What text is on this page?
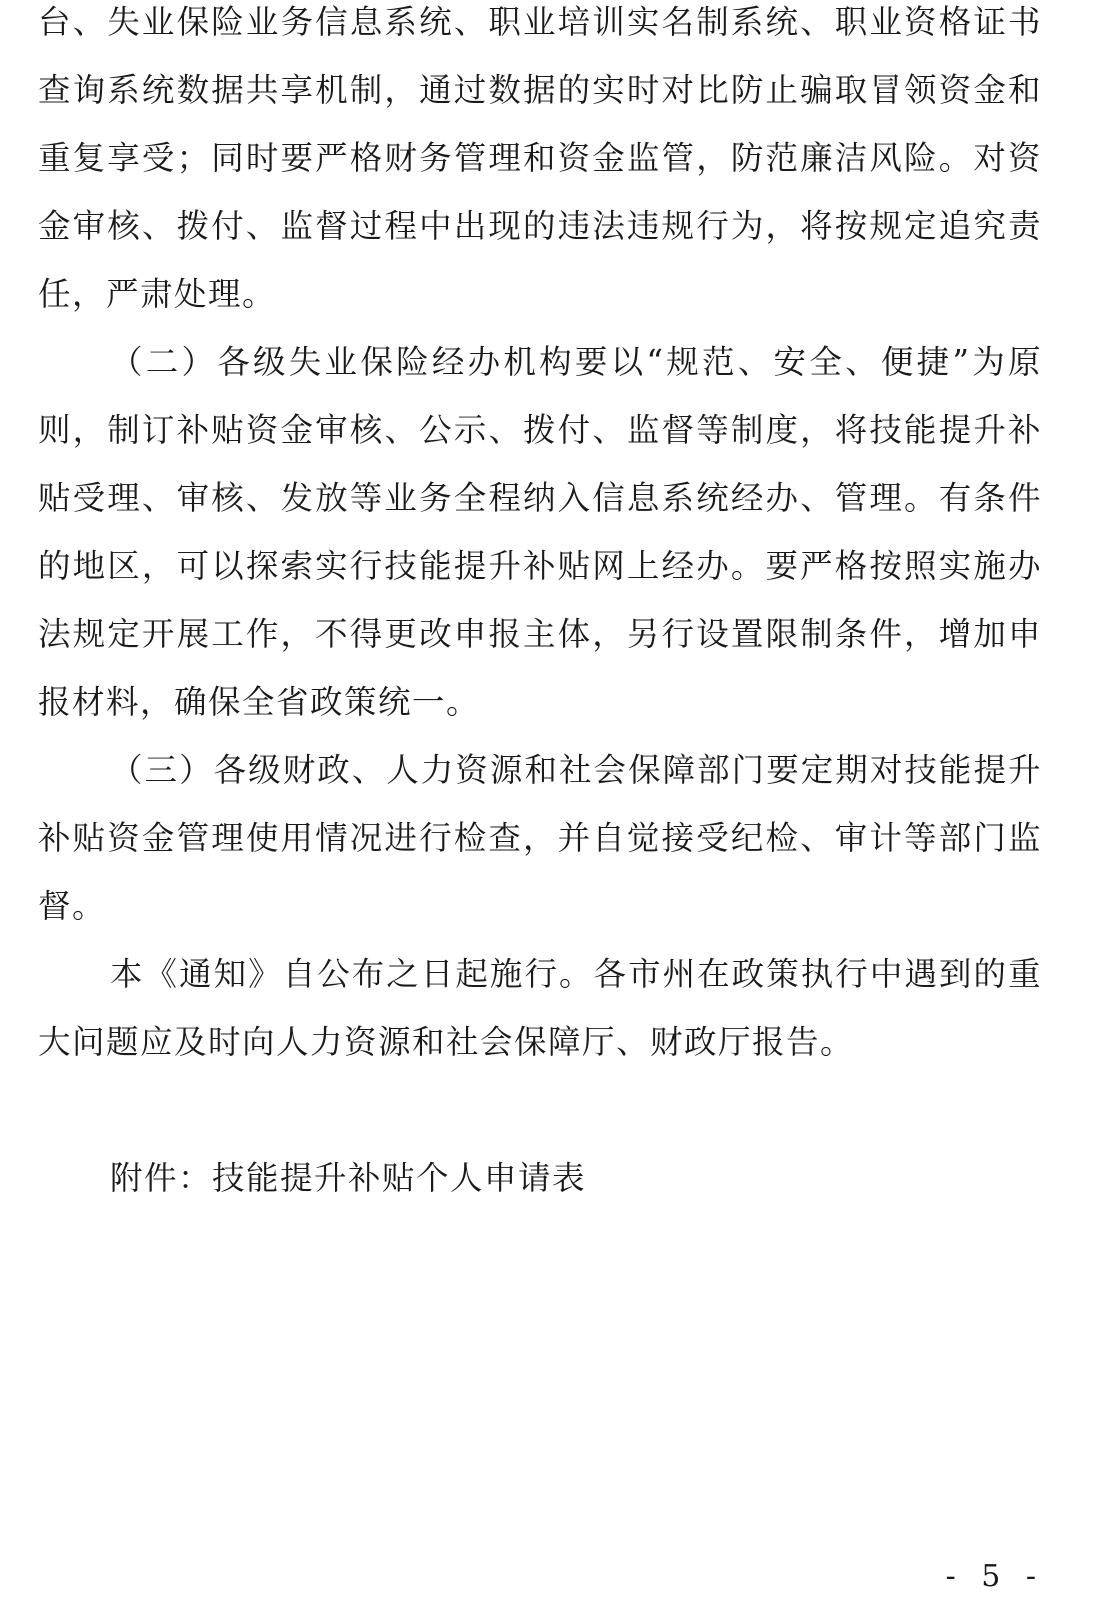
台、失业保险业务信息系统、职业培训实名制系统、职业资格证书查询系统数据共享机制，通过数据的实时对比防止骗取冒领资金和重复享受；同时要严格财务管理和资金监管，防范廉洁风险。对资金审核、拨付、监督过程中出现的违法违规行为，将按规定追究责任，严肃处理。

（二）各级失业保险经办机构要以“规范、安全、便捷”为原则，制订补贴资金审核、公示、拨付、监督等制度，将技能提升补贴受理、审核、发放等业务全程纳入信息系统经办、管理。有条件的地区，可以探索实行技能提升补贴网上经办。要严格按照实施办法规定开展工作，不得更改申报主体，另行设置限制条件，增加申报材料，确保全省政策统一。

（三）各级财政、人力资源和社会保障部门要定期对技能提升补贴资金管理使用情况进行检查，并自觉接受纪检、审计等部门监督。

本《通知》自公布之日起施行。各市州在政策执行中遇到的重大问题应及时向人力资源和社会保障厅、财政厅报告。

附件：技能提升补贴个人申请表

- 5 -
